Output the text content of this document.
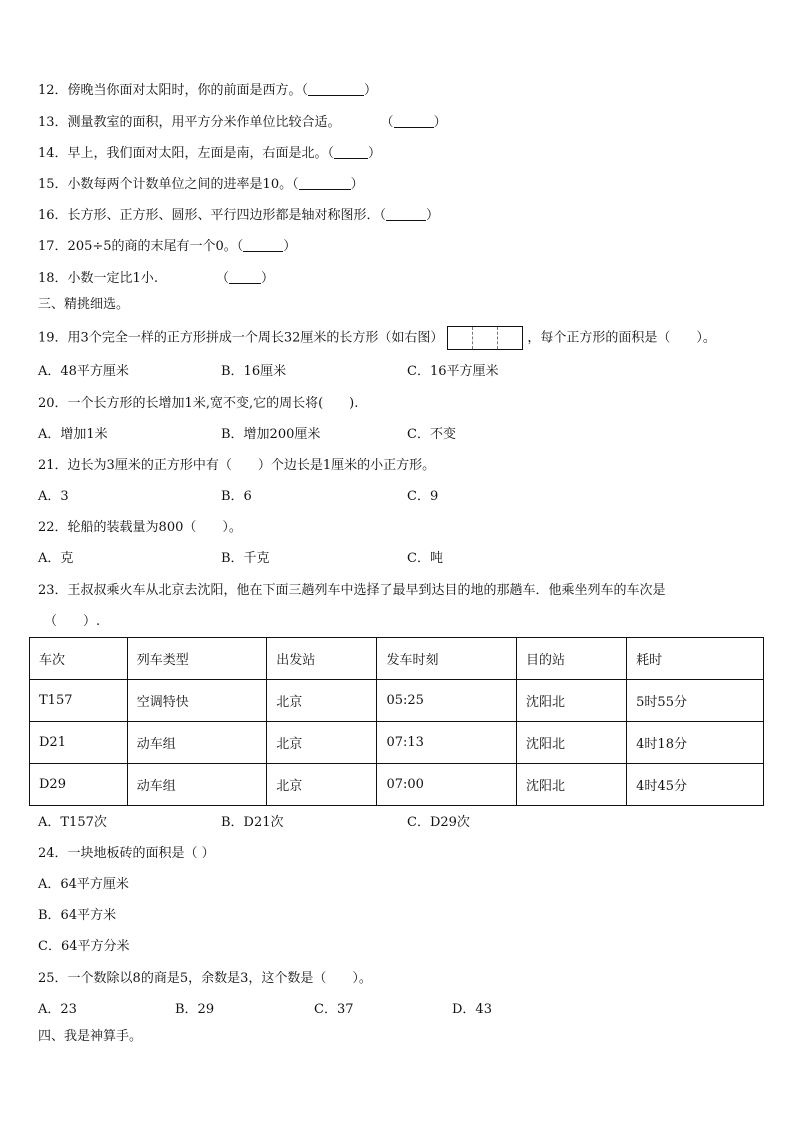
12．傍晚当你面对太阳时，你的前面是西方。（	）
13．测量教室的面积，用平方分米作单位比较合适。	（	）
14．早上，我们面对太阳，左面是南，右面是北。（	）
15．小数每两个计数单位之间的进率是10。（	）
16．长方形、正方形、圆形、平行四边形都是轴对称图形．（	）
17．205÷5的商的末尾有一个0。（	）
18．小数一定比1小.	（ ）
三、精挑细选。
19．用3个完全一样的正方形拼成一个周长32厘米的长方形（如右图）	，每个正方形的面积是（　　）。
A．48平方厘米	B．16厘米	C．16平方厘米
20．一个长方形的长增加1米,宽不变,它的周长将(　　).
A．增加1米	B．增加200厘米	C．不变
21．边长为3厘米的正方形中有（　　）个边长是1厘米的小正方形。
A．3	B．6	C．9
22．轮船的装载量为800（　　）。
A．克	B．千克	C．吨
23．王叔叔乘火车从北京去沈阳，他在下面三趟列车中选择了最早到达目的地的那趟车．他乘坐列车的车次是
（　　）.
车次	列车类型	出发站	发车时刻	目的站	耗时
T157	空调特快	北京	05:25	沈阳北	5时55分
D21	动车组	北京	07:13	沈阳北	4时18分
D29	动车组	北京	07:00	沈阳北	4时45分
A．T157次	B．D21次	C．D29次
24．一块地板砖的面积是（ ）
A．64平方厘米
B．64平方米
C．64平方分米
25．一个数除以8的商是5，余数是3，这个数是（　　）。
A．23	B．29	C．37	D．43
四、我是神算手。
